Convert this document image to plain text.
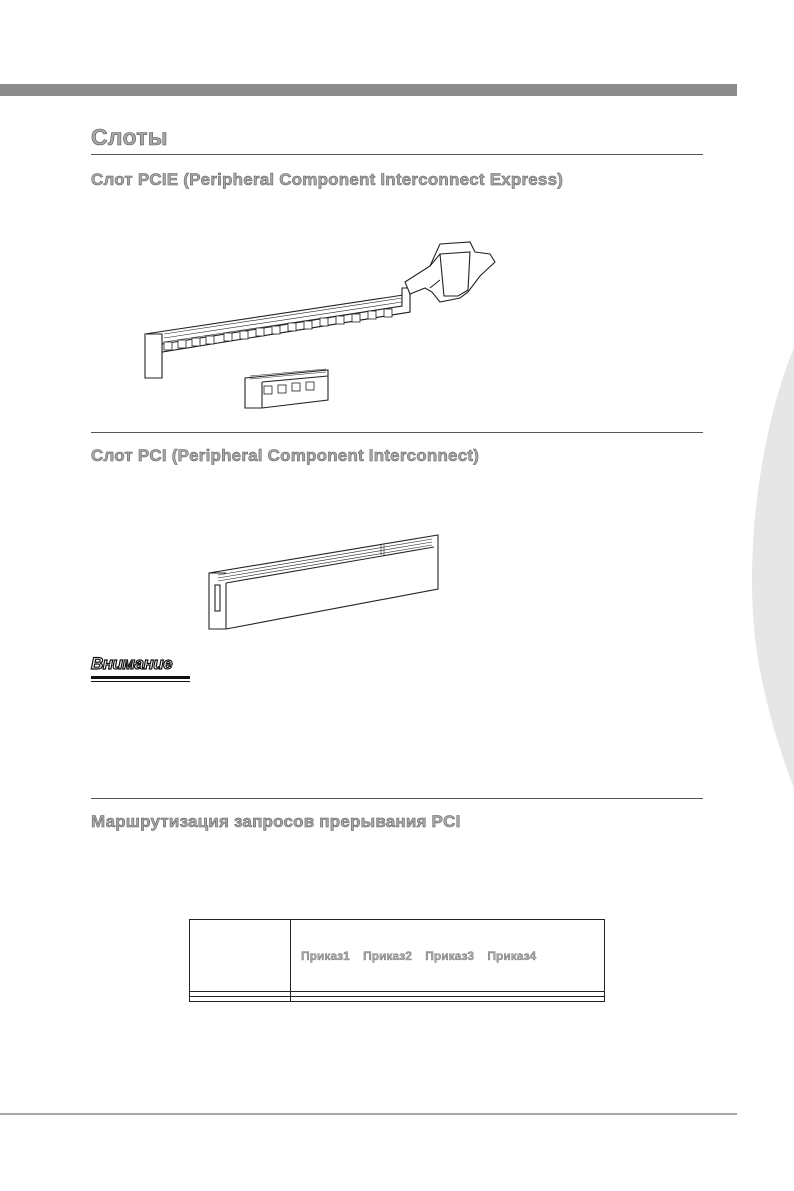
Слоты
Слот PCIE (Peripheral Component Interconnect Express)
Слот PCI (Peripheral Component Interconnect)
Внимание
Маршрутизация запросов прерывания PCI
	Приказ1 Приказ2 Приказ3 Приказ4
